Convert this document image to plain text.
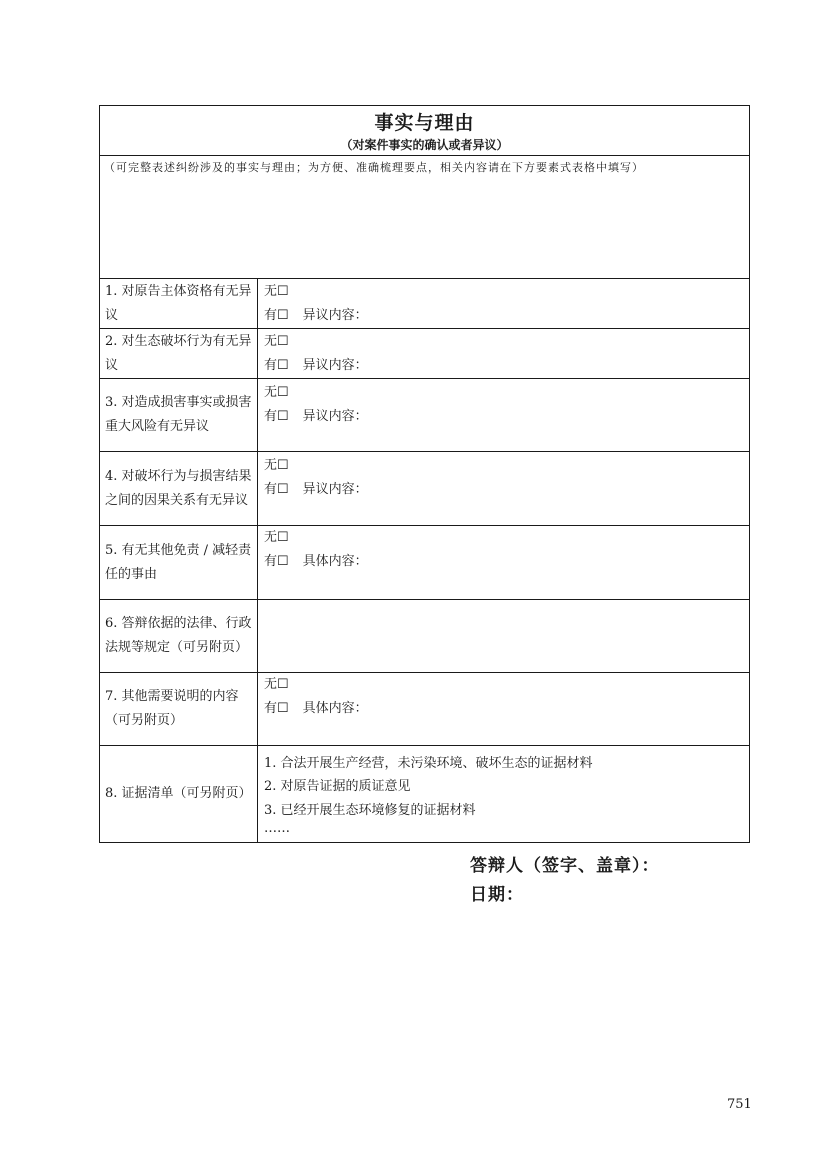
事实与理由
（对案件事实的确认或者异议）	

（可完整表述纠纷涉及的事实与理由；为方便、准确梳理要点，相关内容请在下方要素式表格中填写）	

1. 对原告主体资格有无异议	无☐
有☐ 异议内容：

2. 对生态破坏行为有无异议	无☐
有☐ 异议内容：

3. 对造成损害事实或损害重大风险有无异议	无☐
有☐ 异议内容：

4. 对破坏行为与损害结果之间的因果关系有无异议	无☐
有☐ 异议内容：

5. 有无其他免责 / 减轻责任的事由	无☐
有☐ 具体内容：

6. 答辩依据的法律、行政法规等规定（可另附页）	
7. 其他需要说明的内容（可另附页）	无☐
有☐ 具体内容：

8. 证据清单（可另附页）	1. 合法开展生产经营，未污染环境、破坏生态的证据材料
2. 对原告证据的质证意见
3. 已经开展生态环境修复的证据材料
……
答辩人（签字、盖章）：
日期：
751
